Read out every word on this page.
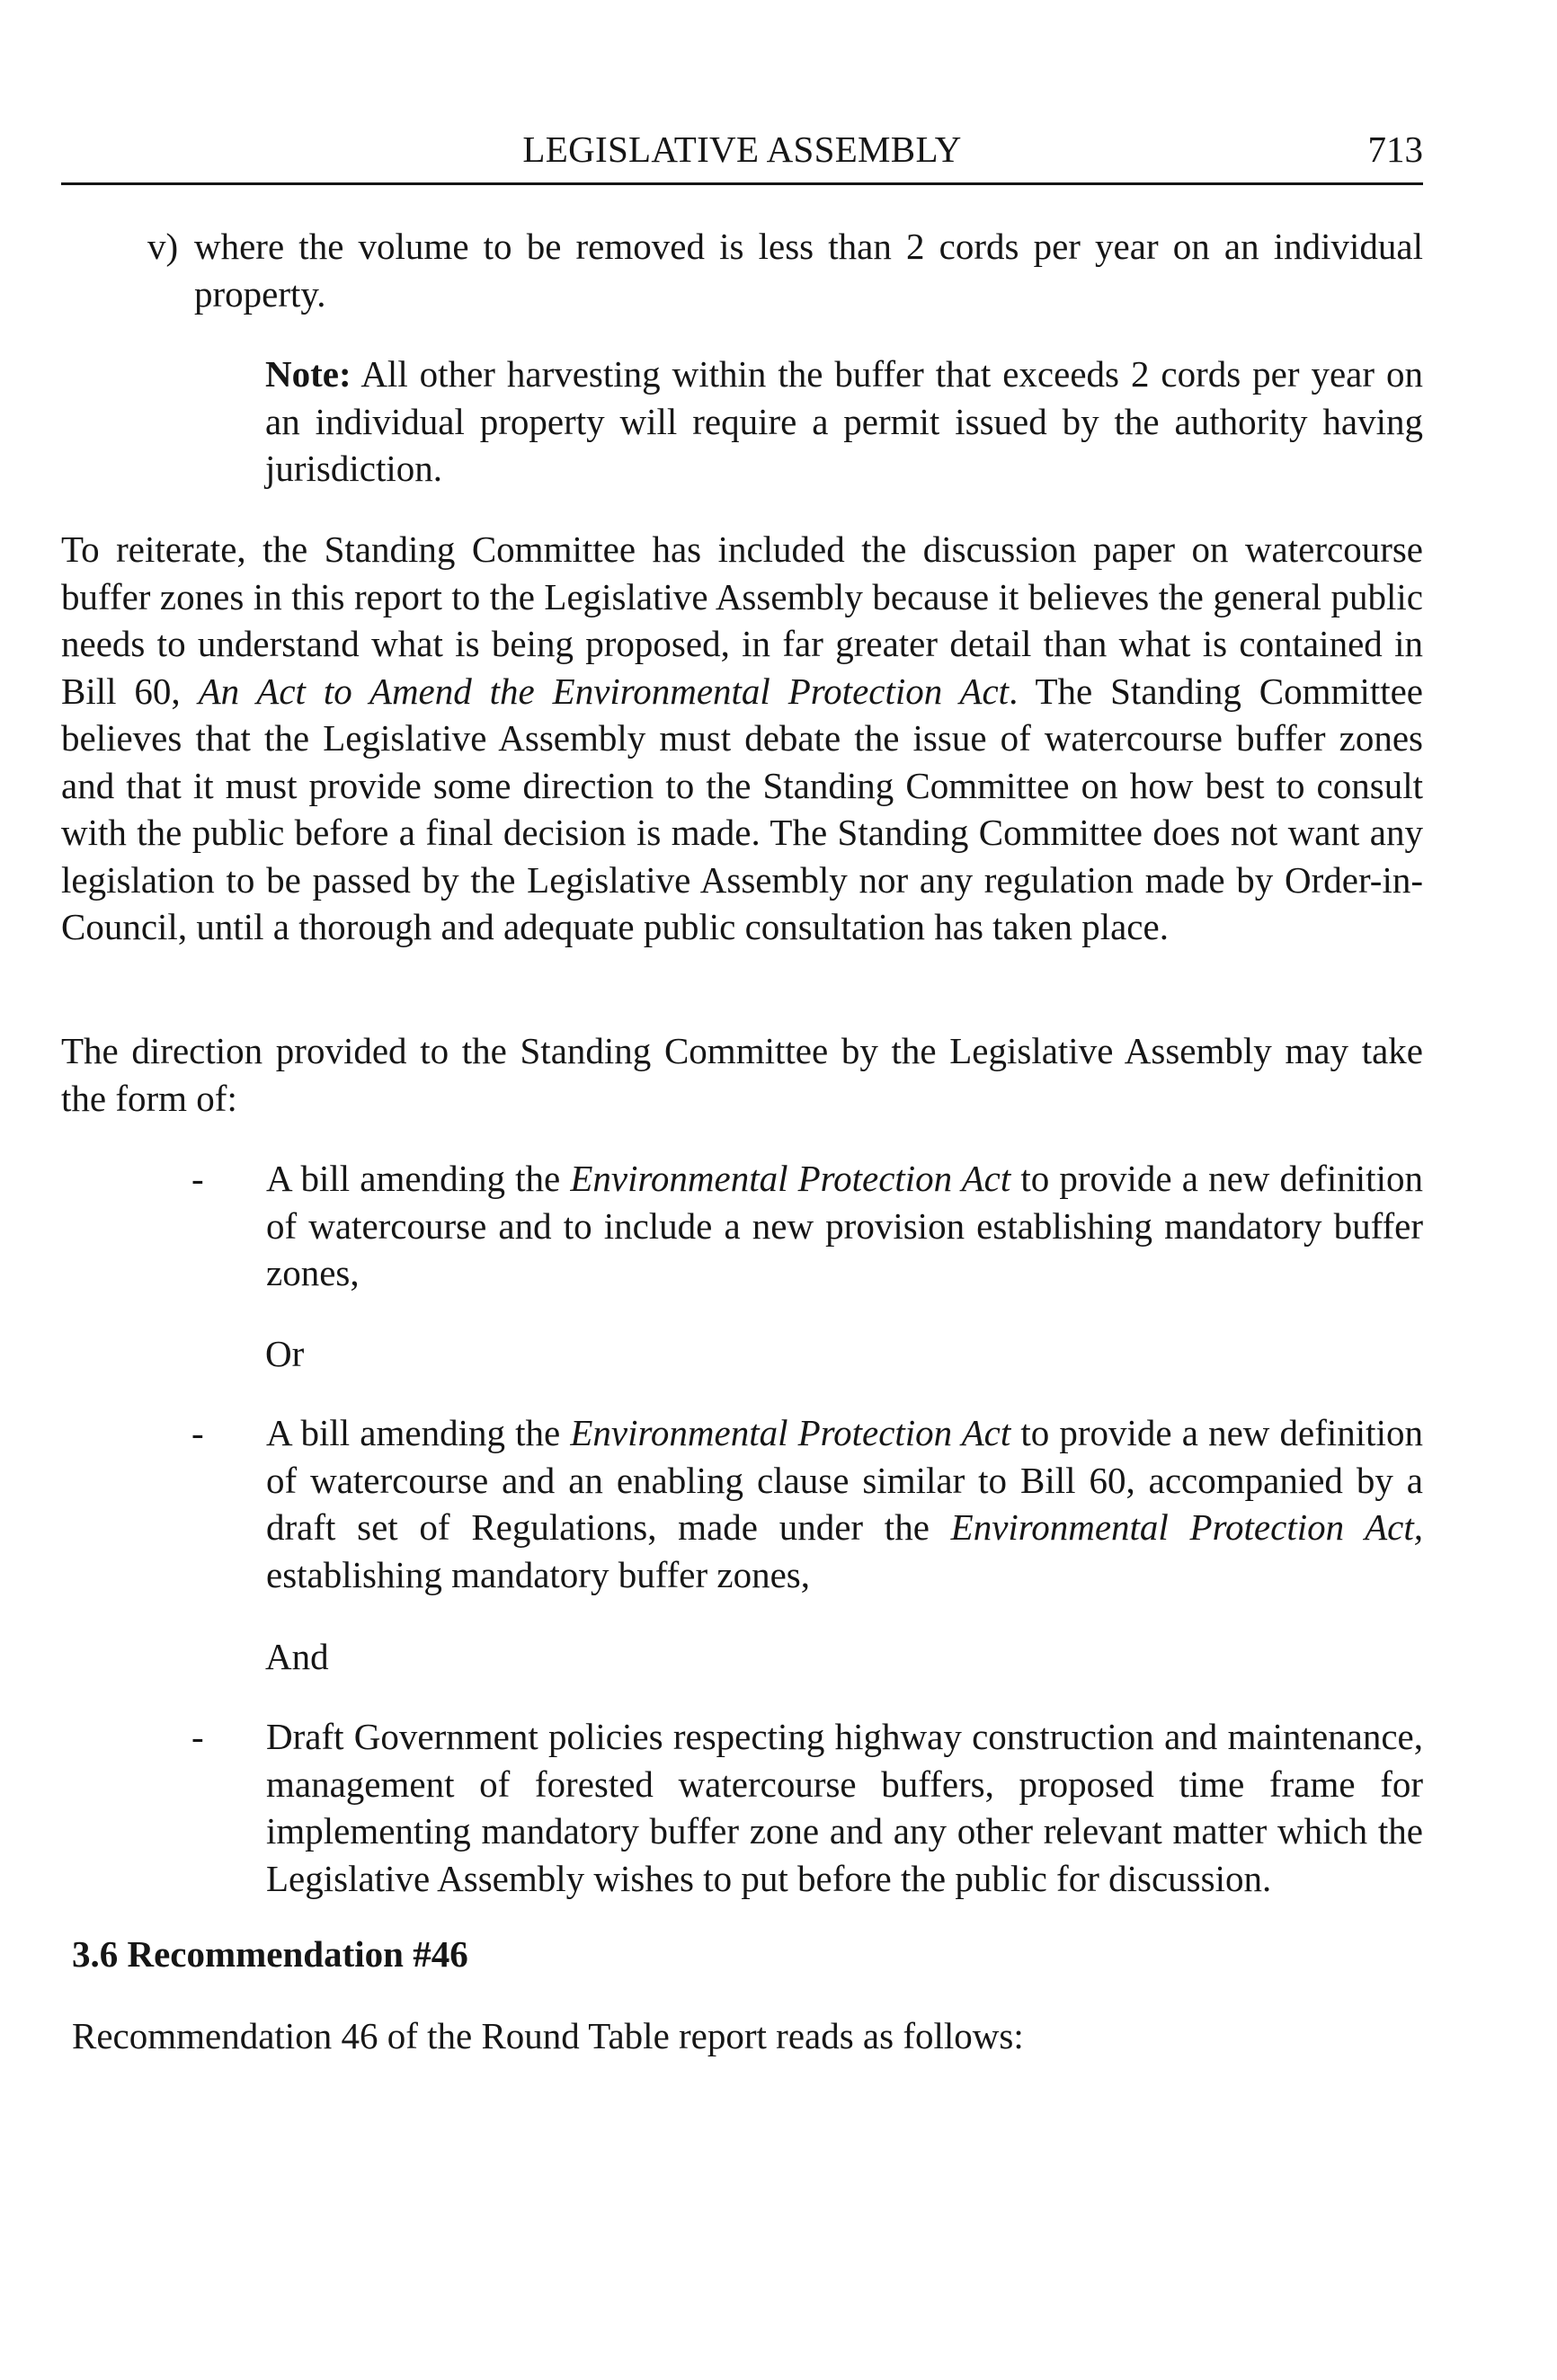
LEGISLATIVE ASSEMBLY	713
v) where the volume to be removed is less than 2 cords per year on an individual property.
Note: All other harvesting within the buffer that exceeds 2 cords per year on an individual property will require a permit issued by the authority having jurisdiction.

To reiterate, the Standing Committee has included the discussion paper on watercourse buffer zones in this report to the Legislative Assembly because it believes the general public needs to understand what is being proposed, in far greater detail than what is contained in Bill 60, An Act to Amend the Environmental Protection Act. The Standing Committee believes that the Legislative Assembly must debate the issue of watercourse buffer zones and that it must provide some direction to the Standing Committee on how best to consult with the public before a final decision is made. The Standing Committee does not want any legislation to be passed by the Legislative Assembly nor any regulation made by Order-in-Council, until a thorough and adequate public consultation has taken place.

The direction provided to the Standing Committee by the Legislative Assembly may take the form of:

- A bill amending the Environmental Protection Act to provide a new definition of watercourse and to include a new provision establishing mandatory buffer zones,
Or
- A bill amending the Environmental Protection Act to provide a new definition of watercourse and an enabling clause similar to Bill 60, accompanied by a draft set of Regulations, made under the Environmental Protection Act, establishing mandatory buffer zones,
And
- Draft Government policies respecting highway construction and maintenance, management of forested watercourse buffers, proposed time frame for implementing mandatory buffer zone and any other relevant matter which the Legislative Assembly wishes to put before the public for discussion.
3.6 Recommendation #46
Recommendation 46 of the Round Table report reads as follows:
